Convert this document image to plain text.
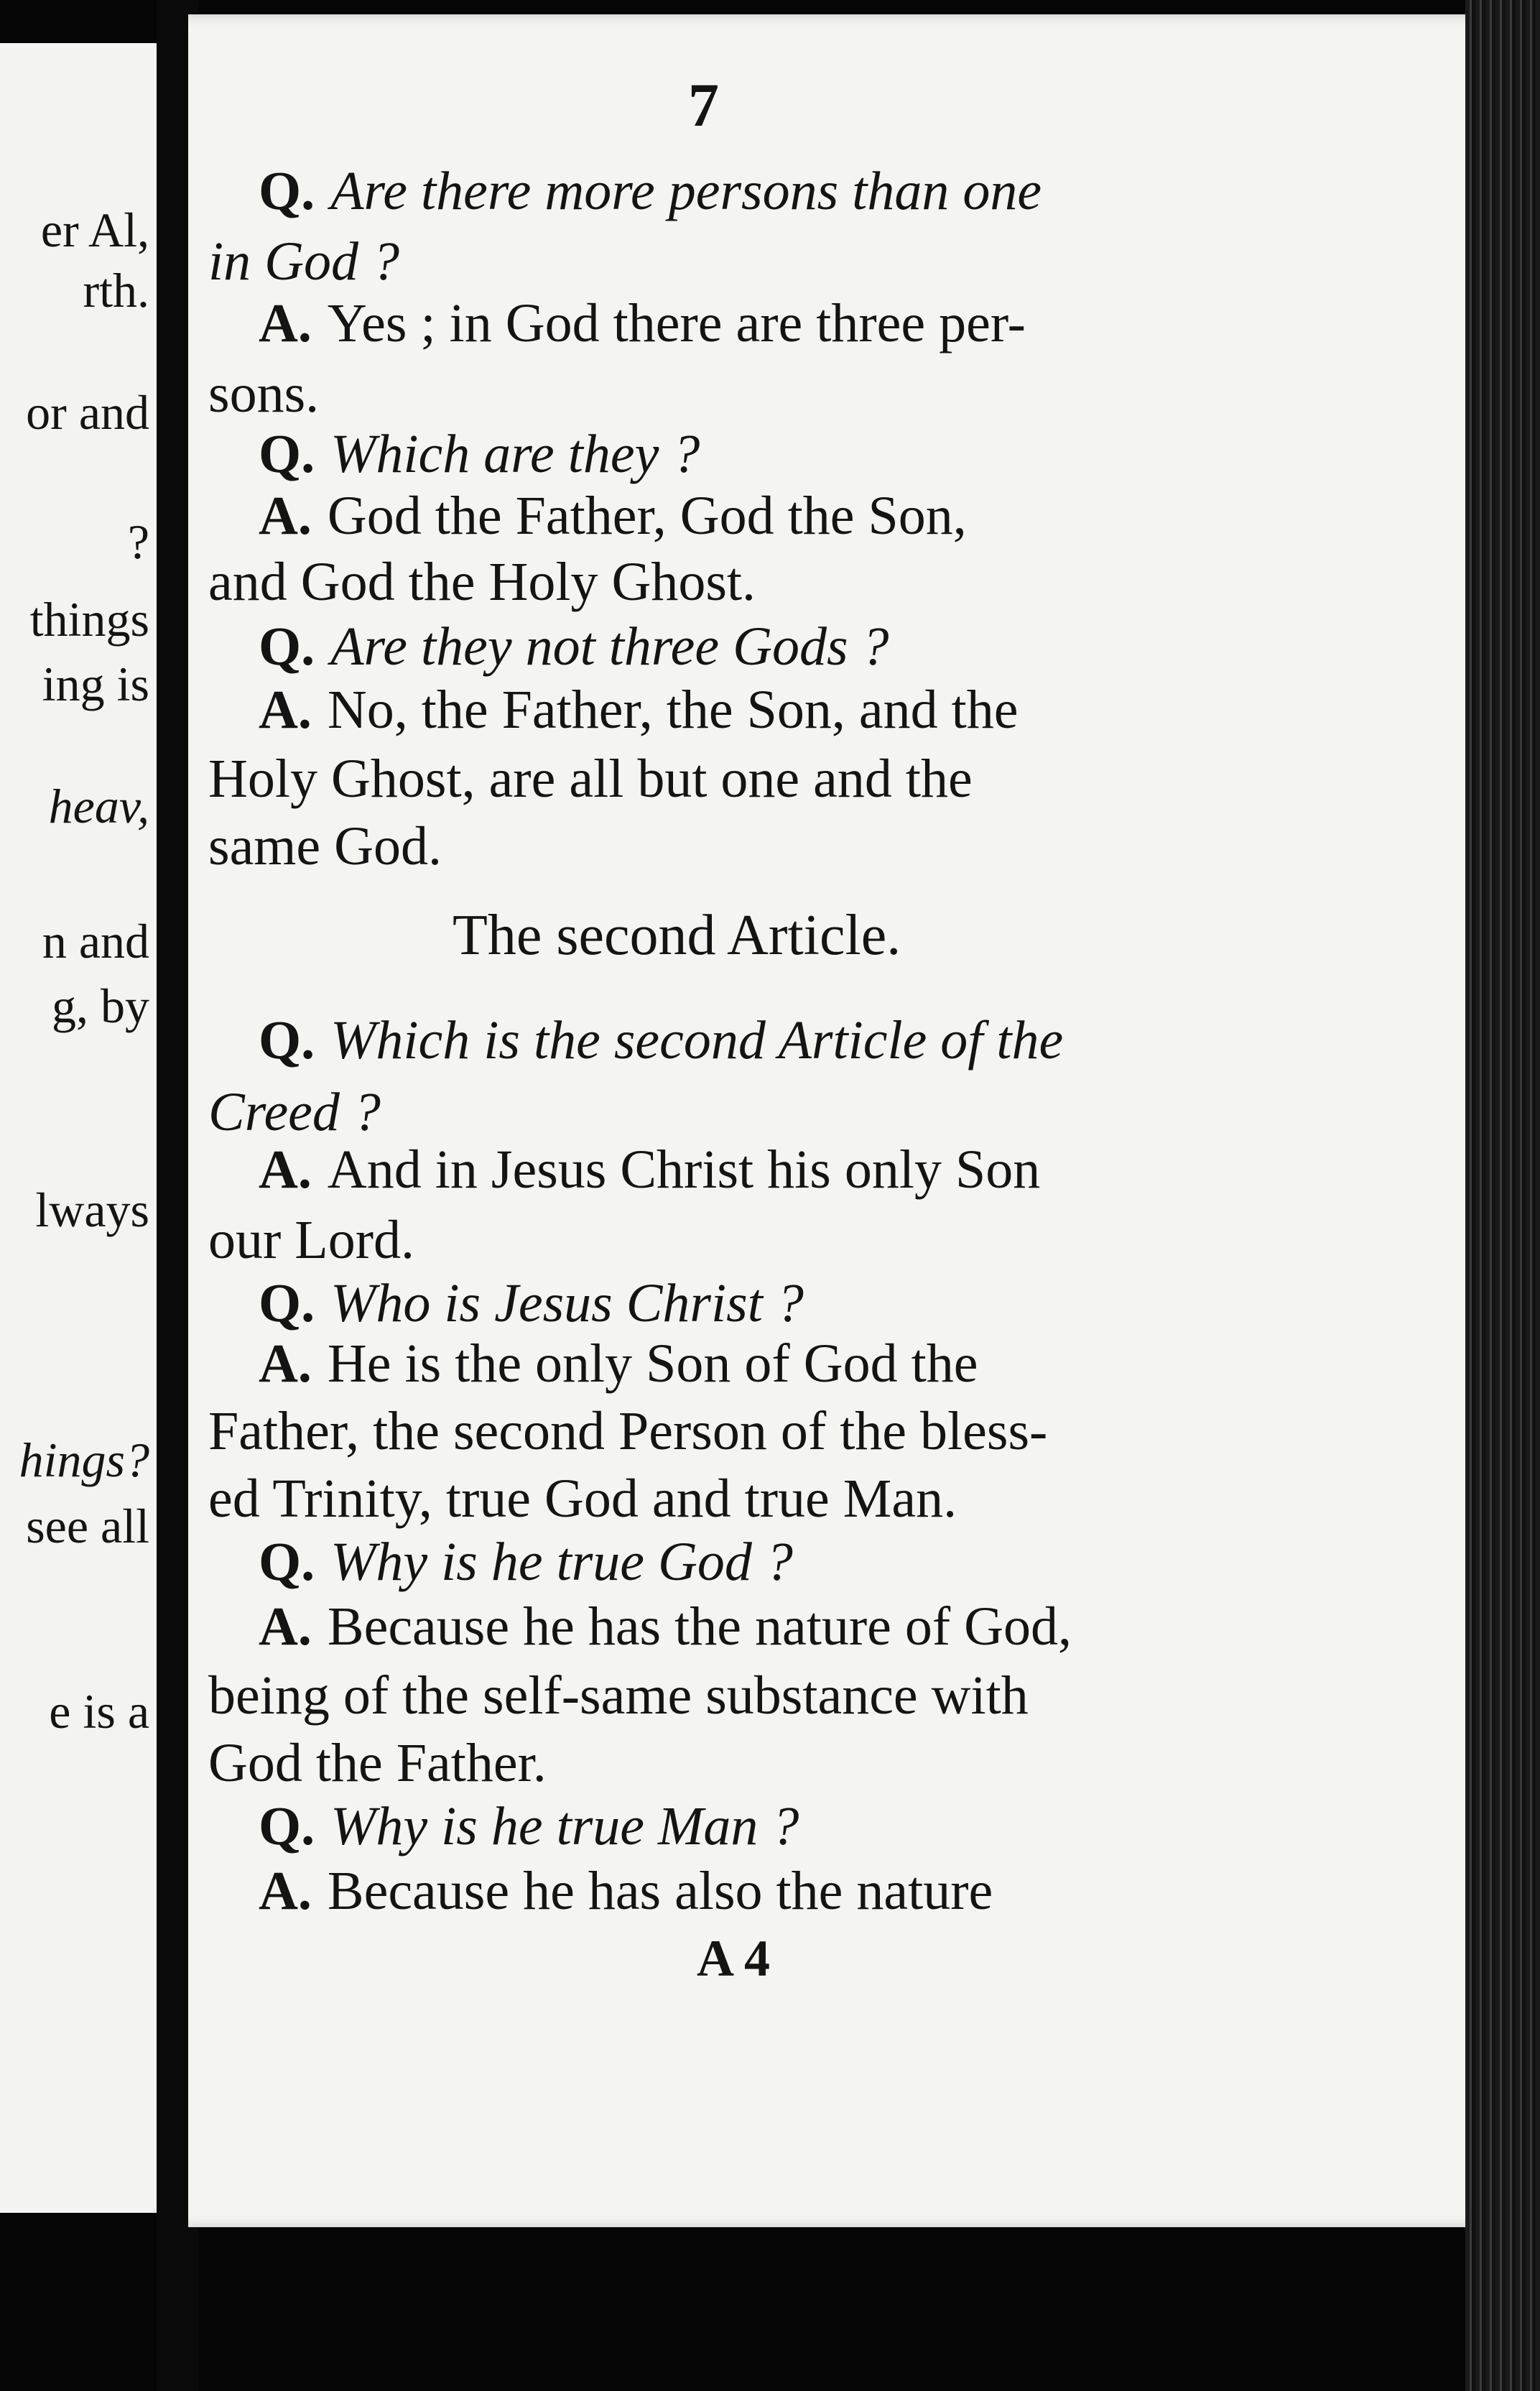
er Al,
rth.
or and
?
things
ing is
heav,
n and
g, by
lways
hings?
see all
e is a
7
Q. Are there more persons than one
in God ?
A. Yes ; in God there are three per-
sons.
Q. Which are they ?
A. God the Father, God the Son,
and God the Holy Ghost.
Q. Are they not three Gods ?
A. No, the Father, the Son, and the
Holy Ghost, are all but one and the
same God.
The second Article.
Q. Which is the second Article of the
Creed ?
A. And in Jesus Christ his only Son
our Lord.
Q. Who is Jesus Christ ?
A. He is the only Son of God the
Father, the second Person of the bless-
ed Trinity, true God and true Man.
Q. Why is he true God ?
A. Because he has the nature of God,
being of the self-same substance with
God the Father.
Q. Why is he true Man ?
A. Because he has also the nature
A 4
